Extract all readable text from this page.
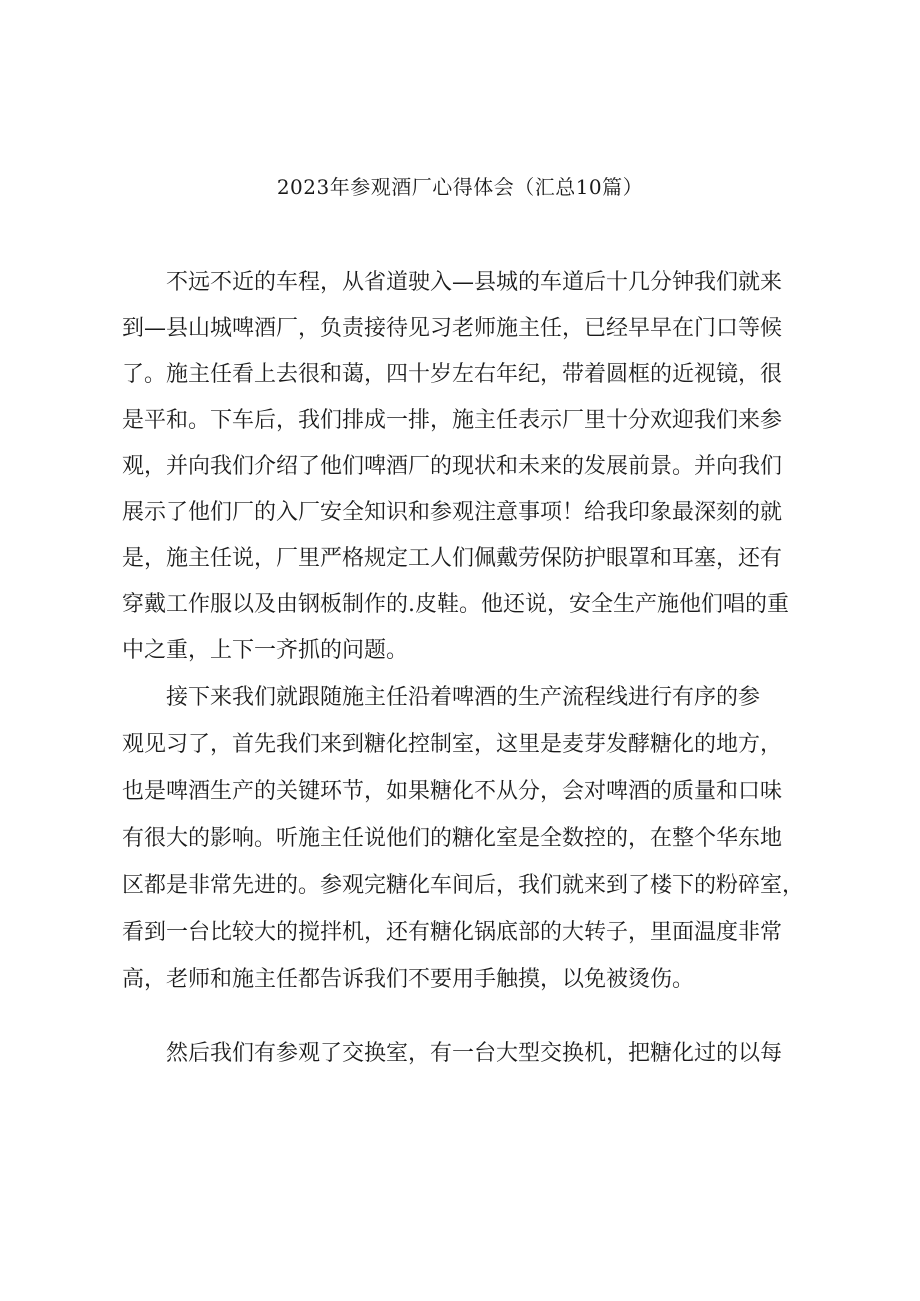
2023年参观酒厂心得体会（汇总10篇）
不远不近的车程，从省道驶入—县城的车道后十几分钟我们就来
到—县山城啤酒厂，负责接待见习老师施主任，已经早早在门口等候
了。施主任看上去很和蔼，四十岁左右年纪，带着圆框的近视镜，很
是平和。下车后，我们排成一排，施主任表示厂里十分欢迎我们来参
观，并向我们介绍了他们啤酒厂的现状和未来的发展前景。并向我们
展示了他们厂的入厂安全知识和参观注意事项！给我印象最深刻的就
是，施主任说，厂里严格规定工人们佩戴劳保防护眼罩和耳塞，还有
穿戴工作服以及由钢板制作的.皮鞋。他还说，安全生产施他们唱的重
中之重，上下一齐抓的问题。
接下来我们就跟随施主任沿着啤酒的生产流程线进行有序的参
观见习了，首先我们来到糖化控制室，这里是麦芽发酵糖化的地方，
也是啤酒生产的关键环节，如果糖化不从分，会对啤酒的质量和口味
有很大的影响。听施主任说他们的糖化室是全数控的，在整个华东地
区都是非常先进的。参观完糖化车间后，我们就来到了楼下的粉碎室，
看到一台比较大的搅拌机，还有糖化锅底部的大转子，里面温度非常
高，老师和施主任都告诉我们不要用手触摸，以免被烫伤。
然后我们有参观了交换室，有一台大型交换机，把糖化过的以每
